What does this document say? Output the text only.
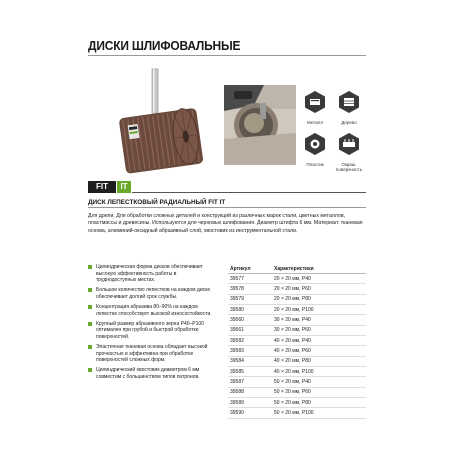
ДИСКИ ШЛИФОВАЛЬНЫЕ
Металл	Дерево
Пластик	Окраш. поверхность
FIT	IT
ДИСК ЛЕПЕСТКОВЫЙ РАДИАЛЬНЫЙ FIT IT
Для дрели. Для обработки сложных деталей и конструкций из различных марок стали, цветных металлов, пластмассы и древесины. Используются для черновых шлифования. Диаметр штифта 6 мм. Материал: тканевая основа, алюминий-оксидный абразивный слой, хвостовик из инструментальной стали.
Цилиндрическая форма дисков обеспечивает высокую эффективность работы в труднодоступных местах.
Большое количество лепестков на каждом диске обеспечивает долгий срок службы.
Концентрация абразива 80–90% на каждом лепестке способствует высокой износостойкости.
Крупный размер абразивного зерна P40–P100 оптимален при грубой и быстрой обработке поверхностей.
Эластичная тканевая основа обладает высокой прочностью и эффективна при обработке поверхностей сложных форм.
Цилиндрический хвостовик диаметром 6 мм совместим с большинством типов патронов.
Артикул	Характеристики
39577	20 × 20 мм, P40
39578	20 × 20 мм, P60
39579	20 × 20 мм, P80
39580	20 × 20 мм, P100
39560	30 × 20 мм, P40
39561	30 × 20 мм, P60
39582	40 × 20 мм, P40
39583	40 × 20 мм, P60
39584	40 × 20 мм, P80
39585	40 × 20 мм, P100
39587	50 × 20 мм, P40
39588	50 × 20 мм, P60
39589	50 × 20 мм, P80
39590	50 × 20 мм, P100
